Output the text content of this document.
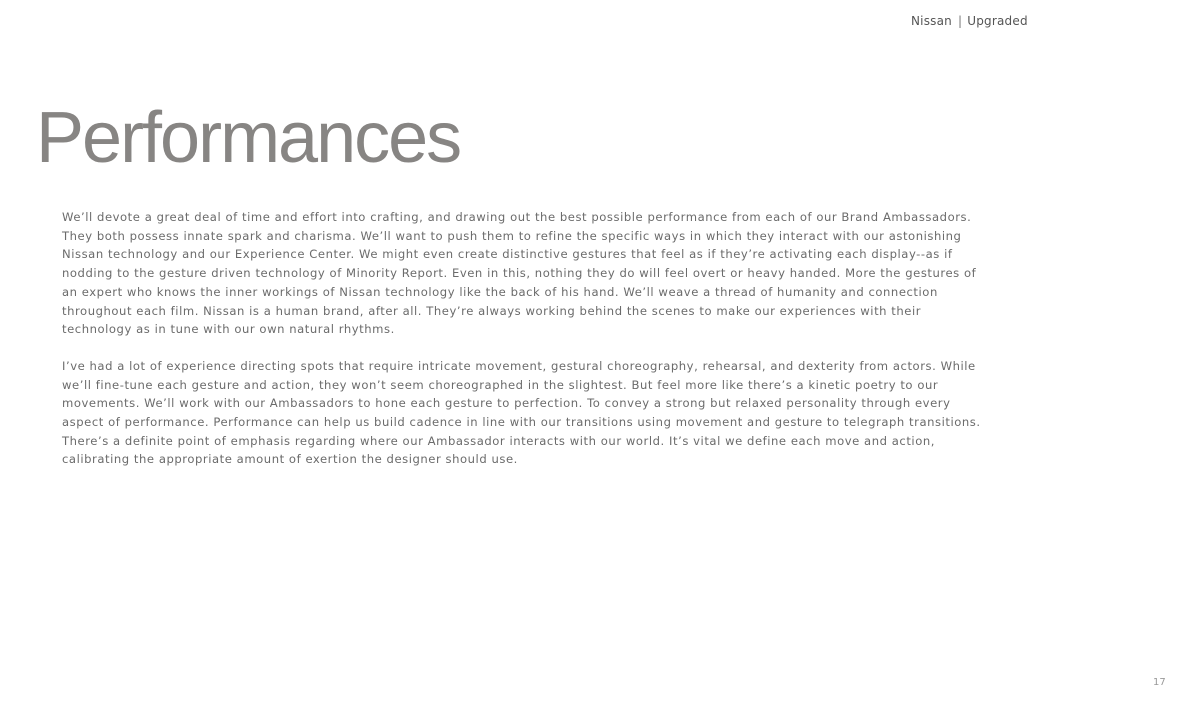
Nissan | Upgraded
Performances

We’ll devote a great deal of time and effort into crafting, and drawing out the best possible performance from each of our Brand Ambassadors. They both possess innate spark and charisma. We’ll want to push them to refine the specific ways in which they interact with our astonishing Nissan technology and our Experience Center. We might even create distinctive gestures that feel as if they’re activating each display--as if nodding to the gesture driven technology of Minority Report. Even in this, nothing they do will feel overt or heavy handed. More the gestures of an expert who knows the inner workings of Nissan technology like the back of his hand. We’ll weave a thread of humanity and connection throughout each film. Nissan is a human brand, after all. They’re always working behind the scenes to make our experiences with their technology as in tune with our own natural rhythms.

I’ve had a lot of experience directing spots that require intricate movement, gestural choreography, rehearsal, and dexterity from actors. While we’ll fine-tune each gesture and action, they won’t seem choreographed in the slightest. But feel more like there’s a kinetic poetry to our movements. We’ll work with our Ambassadors to hone each gesture to perfection. To convey a strong but relaxed personality through every aspect of performance. Performance can help us build cadence in line with our transitions using movement and gesture to telegraph transitions. There’s a definite point of emphasis regarding where our Ambassador interacts with our world. It’s vital we define each move and action, calibrating the appropriate amount of exertion the designer should use.

17
